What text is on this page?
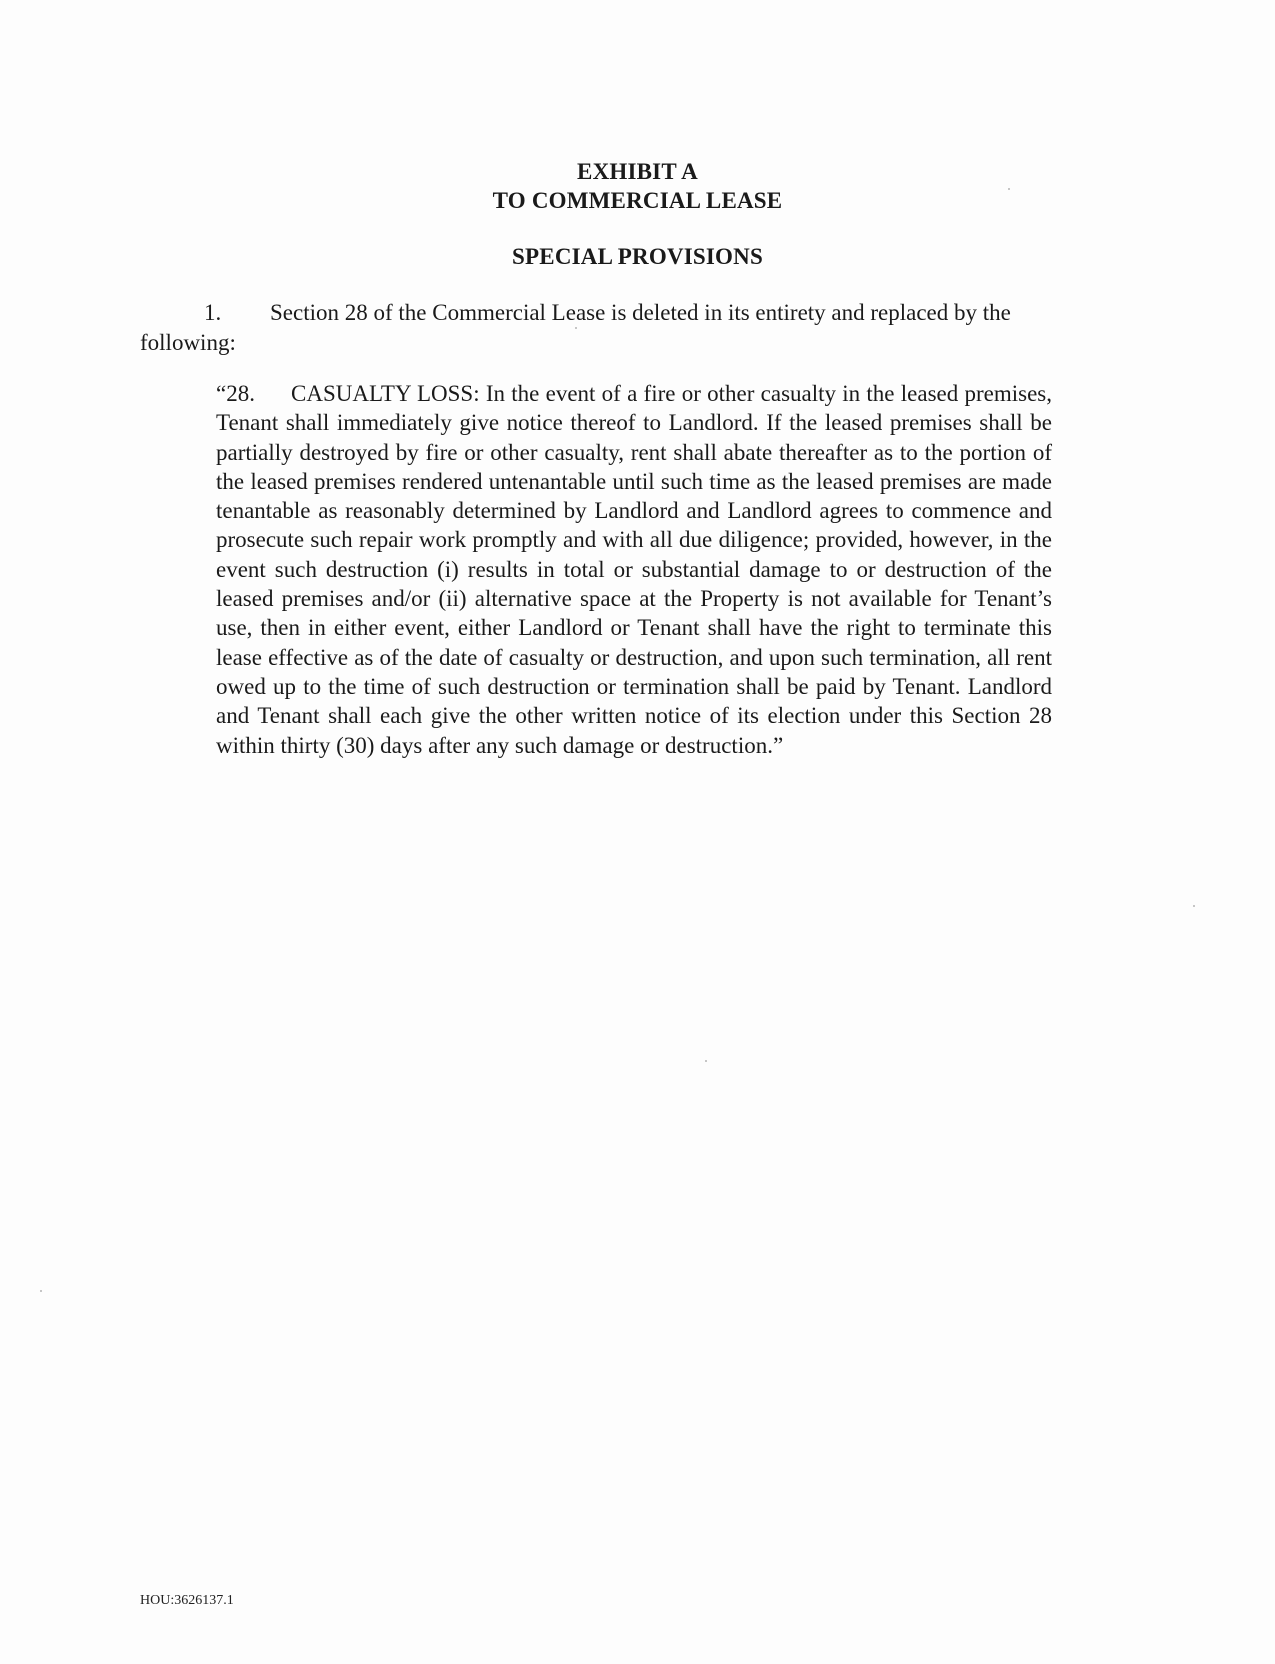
EXHIBIT A
TO COMMERCIAL LEASE
SPECIAL PROVISIONS
1.	Section 28 of the Commercial Lease is deleted in its entirety and replaced by the
following:
“28. CASUALTY LOSS: In the event of a fire or other casualty in the leased premises, Tenant shall immediately give notice thereof to Landlord. If the leased premises shall be partially destroyed by fire or other casualty, rent shall abate thereafter as to the portion of the leased premises rendered untenantable until such time as the leased premises are made tenantable as reasonably determined by Landlord and Landlord agrees to commence and prosecute such repair work promptly and with all due diligence; provided, however, in the event such destruction (i) results in total or substantial damage to or destruction of the leased premises and/or (ii) alternative space at the Property is not available for Tenant’s use, then in either event, either Landlord or Tenant shall have the right to terminate this lease effective as of the date of casualty or destruction, and upon such termination, all rent owed up to the time of such destruction or termination shall be paid by Tenant. Landlord and Tenant shall each give the other written notice of its election under this Section 28 within thirty (30) days after any such damage or destruction.”
HOU:3626137.1
